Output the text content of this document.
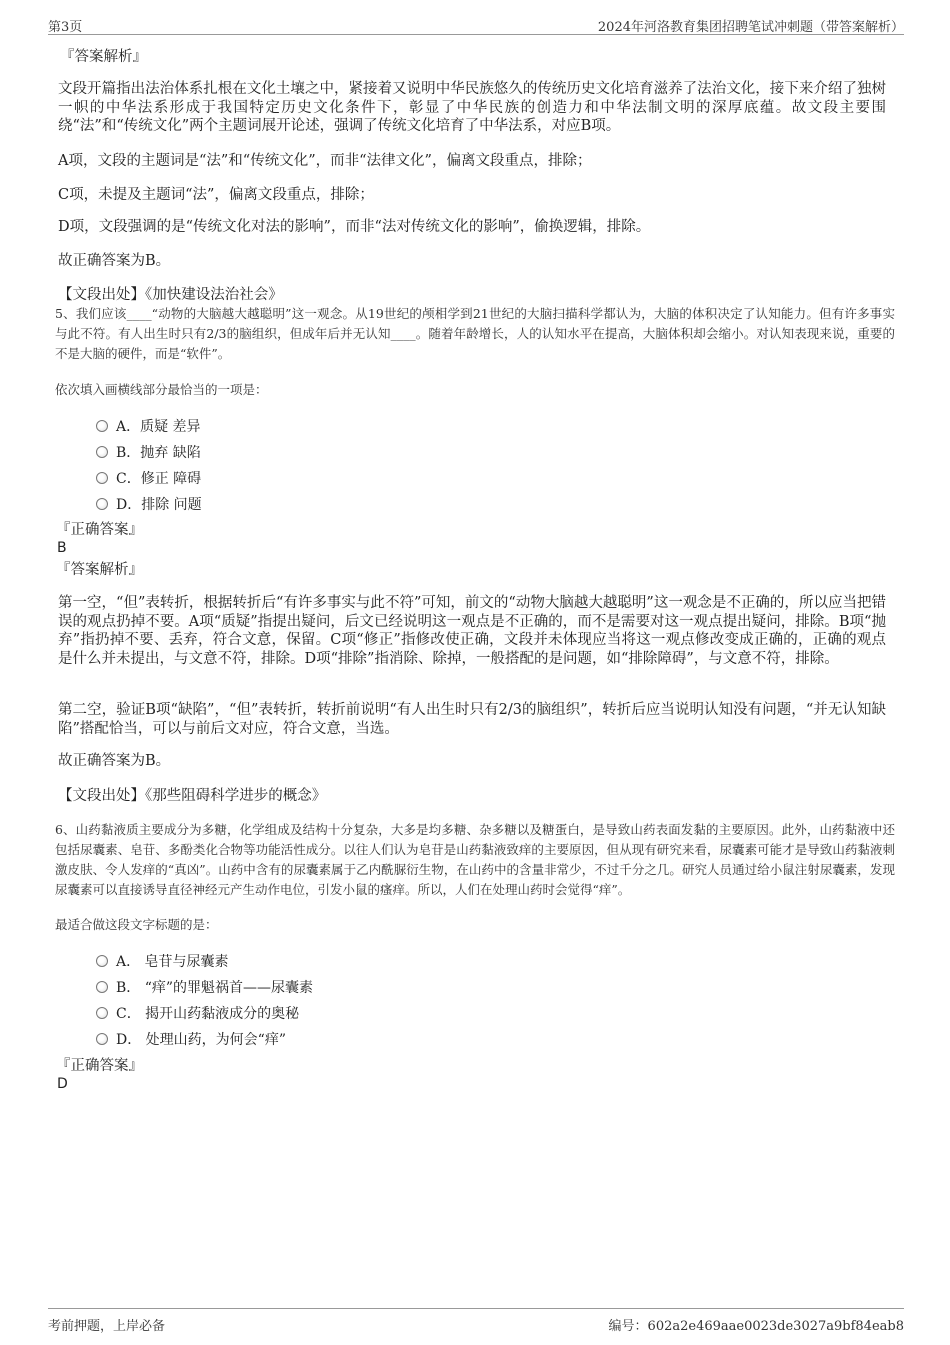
第3页	2024年河洛教育集团招聘笔试冲刺题（带答案解析）
『答案解析』
文段开篇指出法治体系扎根在文化土壤之中，紧接着又说明中华民族悠久的传统历史文化培育滋养了法治文化，接下来介绍了独树一帜的中华法系形成于我国特定历史文化条件下，彰显了中华民族的创造力和中华法制文明的深厚底蕴。故文段主要围绕“法”和“传统文化”两个主题词展开论述，强调了传统文化培育了中华法系，对应B项。
A项，文段的主题词是“法”和“传统文化”，而非“法律文化”，偏离文段重点，排除；
C项，未提及主题词“法”，偏离文段重点，排除；
D项，文段强调的是“传统文化对法的影响”，而非“法对传统文化的影响”，偷换逻辑，排除。
故正确答案为B。
【文段出处】《加快建设法治社会》
5、我们应该____“动物的大脑越大越聪明”这一观念。从19世纪的颅相学到21世纪的大脑扫描科学都认为，大脑的体积决定了认知能力。但有许多事实与此不符。有人出生时只有2/3的脑组织，但成年后并无认知____。随着年龄增长，人的认知水平在提高，大脑体积却会缩小。对认知表现来说，重要的不是大脑的硬件，而是“软件”。
依次填入画横线部分最恰当的一项是：
A．质疑 差异
B．抛弃 缺陷
C．修正 障碍
D．排除 问题
『正确答案』
B
『答案解析』
第一空，“但”表转折，根据转折后“有许多事实与此不符”可知，前文的“动物大脑越大越聪明”这一观念是不正确的，所以应当把错误的观点扔掉不要。A项“质疑”指提出疑问，后文已经说明这一观点是不正确的，而不是需要对这一观点提出疑问，排除。B项“抛弃”指扔掉不要、丢弃，符合文意，保留。C项“修正”指修改使正确，文段并未体现应当将这一观点修改变成正确的，正确的观点是什么并未提出，与文意不符，排除。D项“排除”指消除、除掉，一般搭配的是问题，如“排除障碍”，与文意不符，排除。
第二空，验证B项“缺陷”，“但”表转折，转折前说明“有人出生时只有2/3的脑组织”，转折后应当说明认知没有问题，“并无认知缺陷”搭配恰当，可以与前后文对应，符合文意，当选。
故正确答案为B。
【文段出处】《那些阻碍科学进步的概念》
6、山药黏液质主要成分为多糖，化学组成及结构十分复杂，大多是均多糖、杂多糖以及糖蛋白，是导致山药表面发黏的主要原因。此外，山药黏液中还包括尿囊素、皂苷、多酚类化合物等功能活性成分。以往人们认为皂苷是山药黏液致痒的主要原因，但从现有研究来看，尿囊素可能才是导致山药黏液刺激皮肤、令人发痒的“真凶”。山药中含有的尿囊素属于乙内酰脲衍生物，在山药中的含量非常少，不过千分之几。研究人员通过给小鼠注射尿囊素，发现尿囊素可以直接诱导直径神经元产生动作电位，引发小鼠的瘙痒。所以，人们在处理山药时会觉得“痒”。
最适合做这段文字标题的是：
A． 皂苷与尿囊素
B． “痒”的罪魁祸首——尿囊素
C． 揭开山药黏液成分的奥秘
D． 处理山药，为何会“痒”
『正确答案』
D
考前押题，上岸必备	编号：602a2e469aae0023de3027a9bf84eab8
